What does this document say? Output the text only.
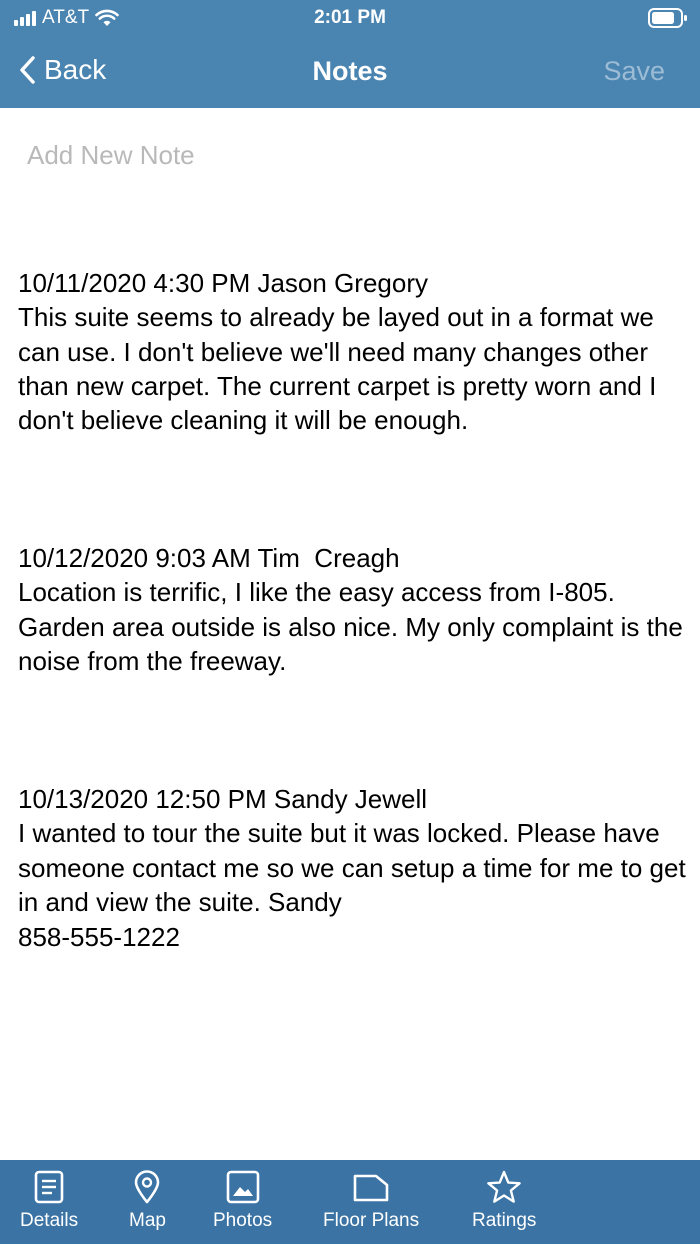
AT&T	2:01 PM
Back	Notes	Save
Add New Note

10/11/2020 4:30 PM Jason Gregory
This suite seems to already be layed out in a format we can use. I don't believe we'll need many changes other than new carpet. The current carpet is pretty worn and I don't believe cleaning it will be enough.

10/12/2020 9:03 AM Tim  Creagh
Location is terrific, I like the easy access from I-805.
Garden area outside is also nice. My only complaint is the noise from the freeway.

10/13/2020 12:50 PM Sandy Jewell
I wanted to tour the suite but it was locked. Please have someone contact me so we can setup a time for me to get in and view the suite. Sandy
858-555-1222

Details	Map Photos	Floor Plans	Ratings
